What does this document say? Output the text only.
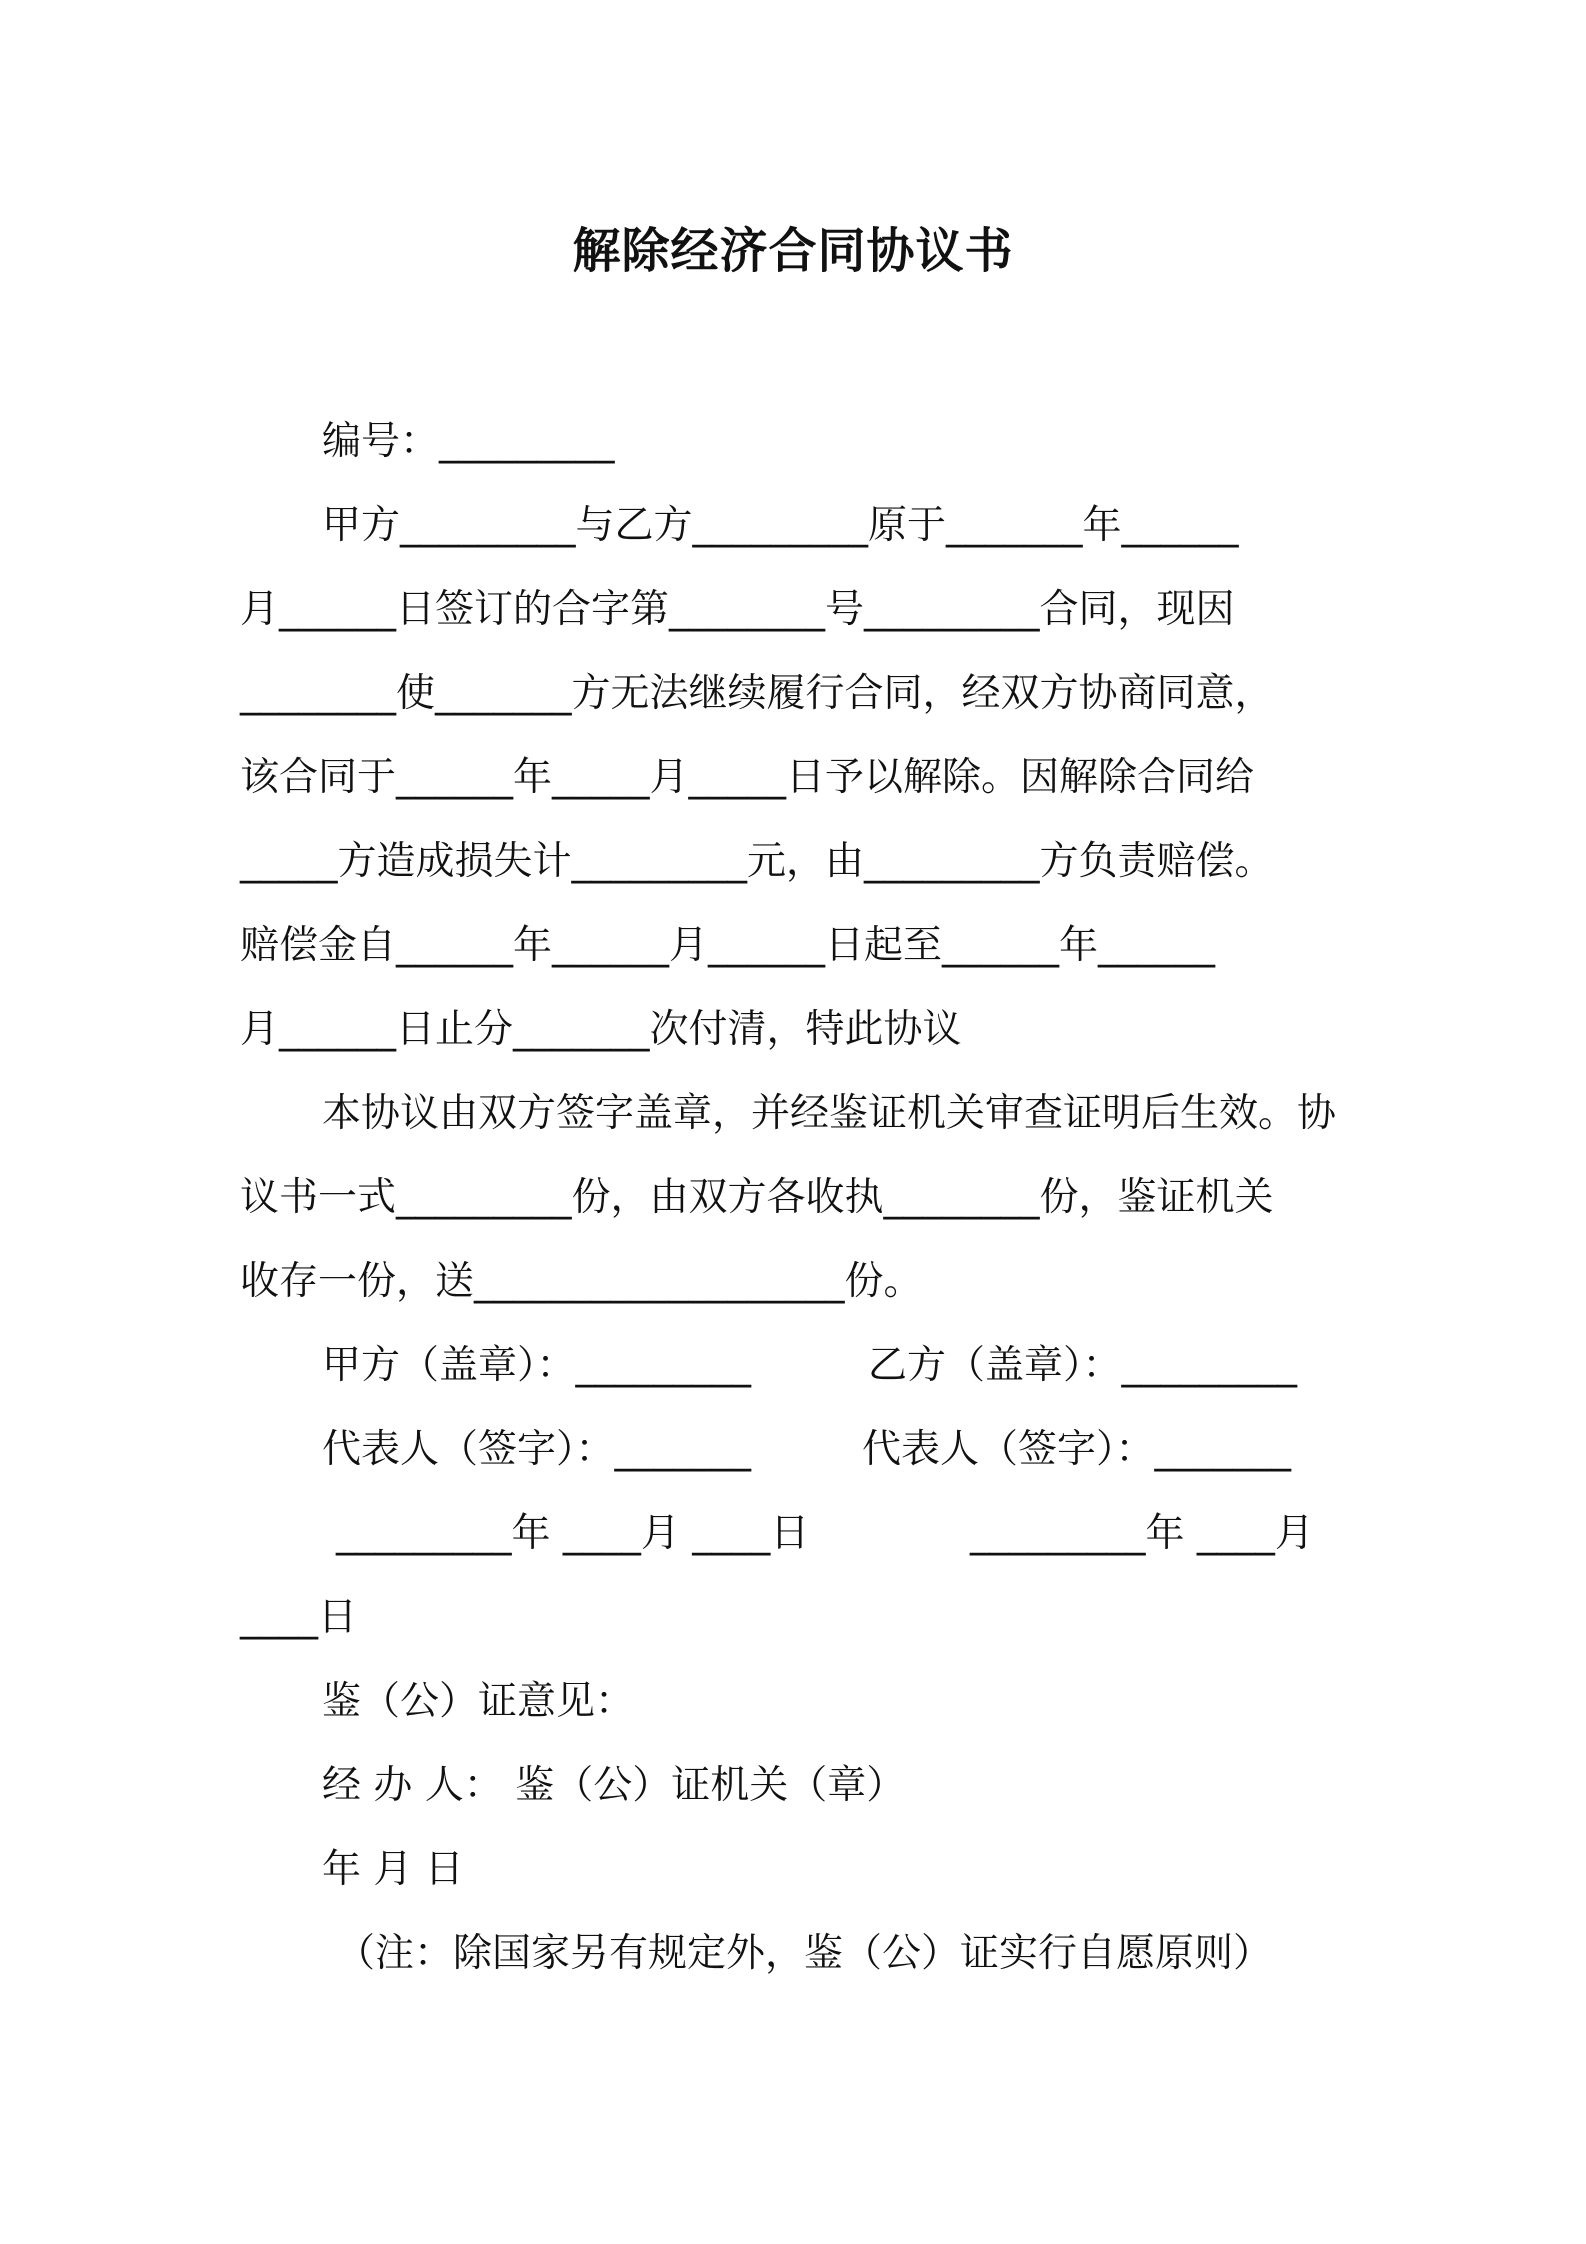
解除经济合同协议书

编号：_________

甲方_________与乙方_________原于_______年______

月______日签订的合字第________号_________合同，现因

________使_______方无法继续履行合同，经双方协商同意，

该合同于______年_____月_____日予以解除。因解除合同给

_____方造成损失计_________元，由_________方负责赔偿。

赔偿金自______年______月______日起至______年______

月______日止分_______次付清，特此协议

本协议由双方签字盖章，并经鉴证机关审查证明后生效。协

议书一式_________份，由双方各收执________份，鉴证机关

收存一份，送___________________份。

甲方（盖章）：_________	乙方（盖章）：_________
代表人（签字）：_______	代表人（签字）：_______
_________年 ____月 ____日	_________年 ____月

____日

鉴（公）证意见：

经 办 人： 鉴（公）证机关（章）

年 月 日

（注：除国家另有规定外，鉴（公）证实行自愿原则）
